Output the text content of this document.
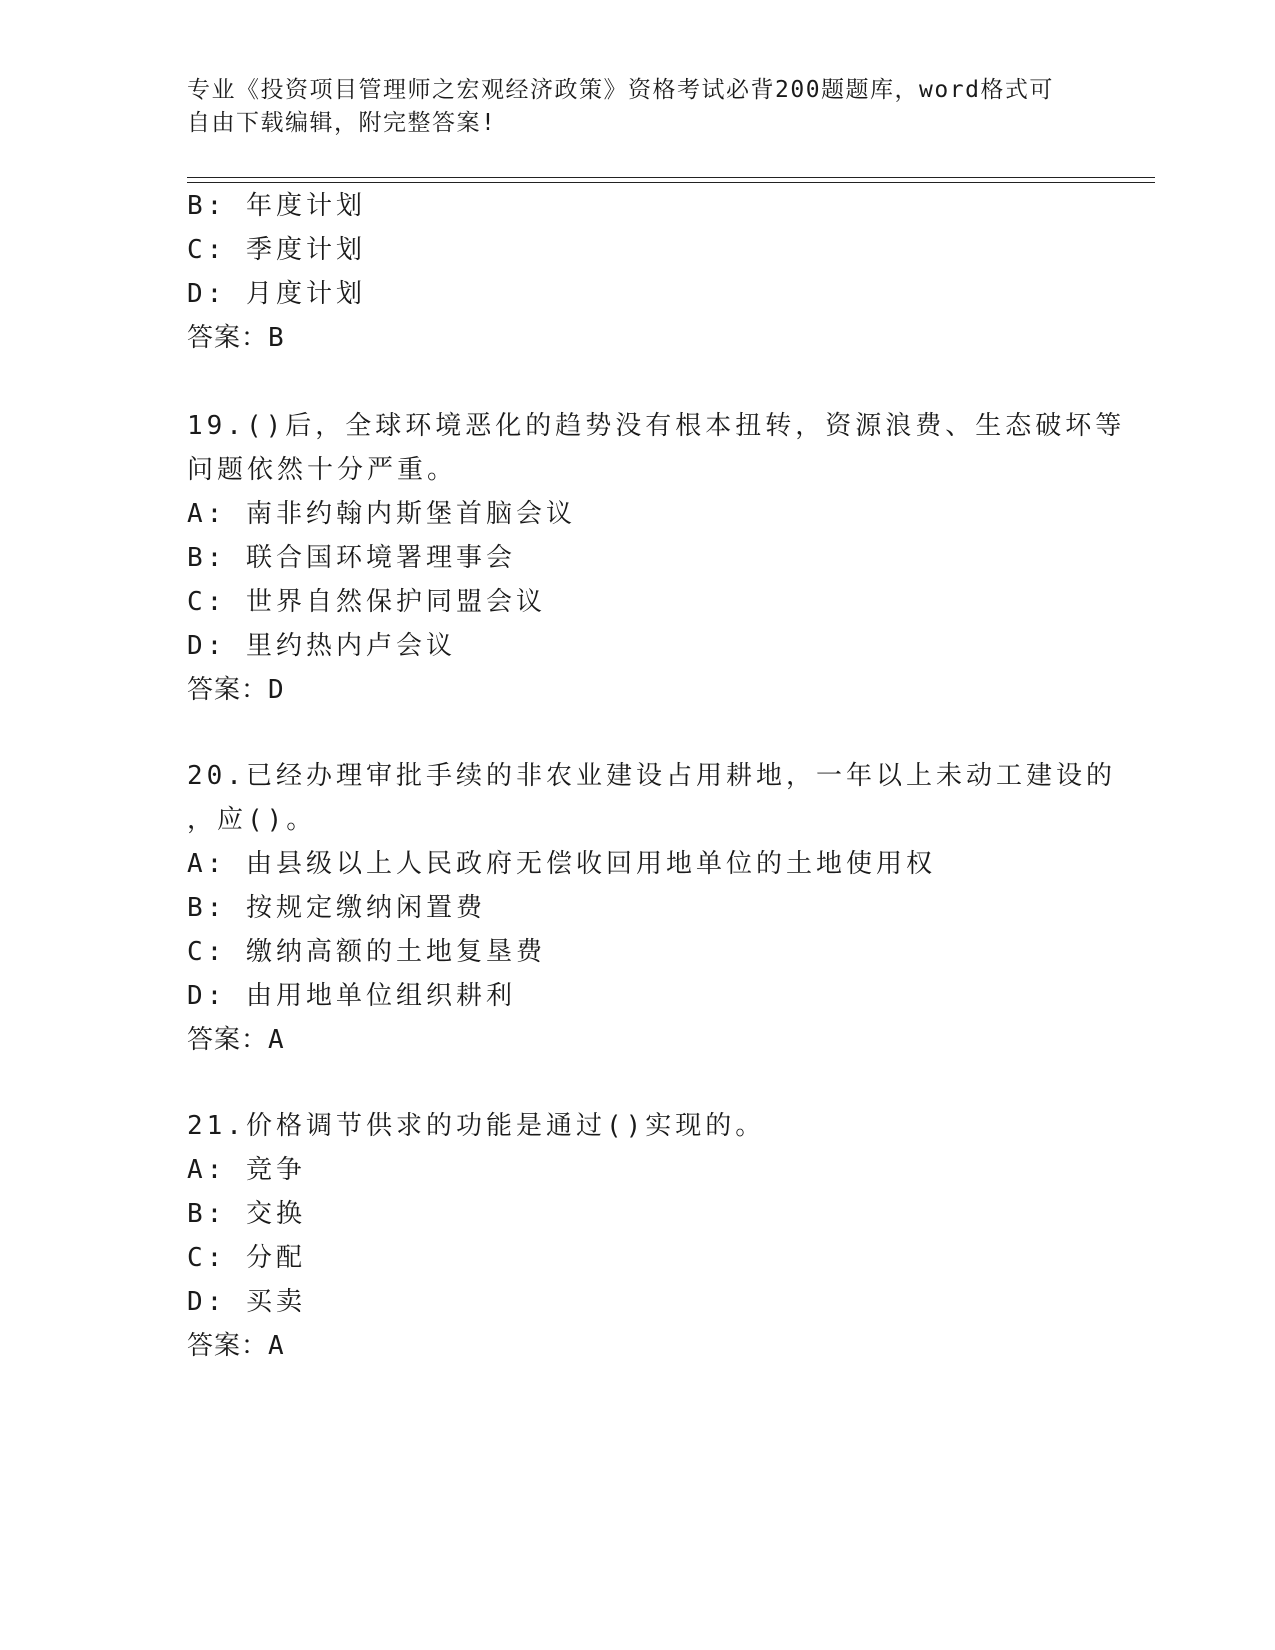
专业《投资项目管理师之宏观经济政策》资格考试必背200题题库，word格式可
自由下载编辑，附完整答案!
B: 年度计划
C: 季度计划
D: 月度计划
答案：B
19.()后，全球环境恶化的趋势没有根本扭转，资源浪费、生态破坏等
问题依然十分严重。
A: 南非约翰内斯堡首脑会议
B: 联合国环境署理事会
C: 世界自然保护同盟会议
D: 里约热内卢会议
答案：D
20.已经办理审批手续的非农业建设占用耕地，一年以上未动工建设的
，应()。
A: 由县级以上人民政府无偿收回用地单位的土地使用权
B: 按规定缴纳闲置费
C: 缴纳高额的土地复垦费
D: 由用地单位组织耕利
答案：A
21.价格调节供求的功能是通过()实现的。
A: 竞争
B: 交换
C: 分配
D: 买卖
答案：A
